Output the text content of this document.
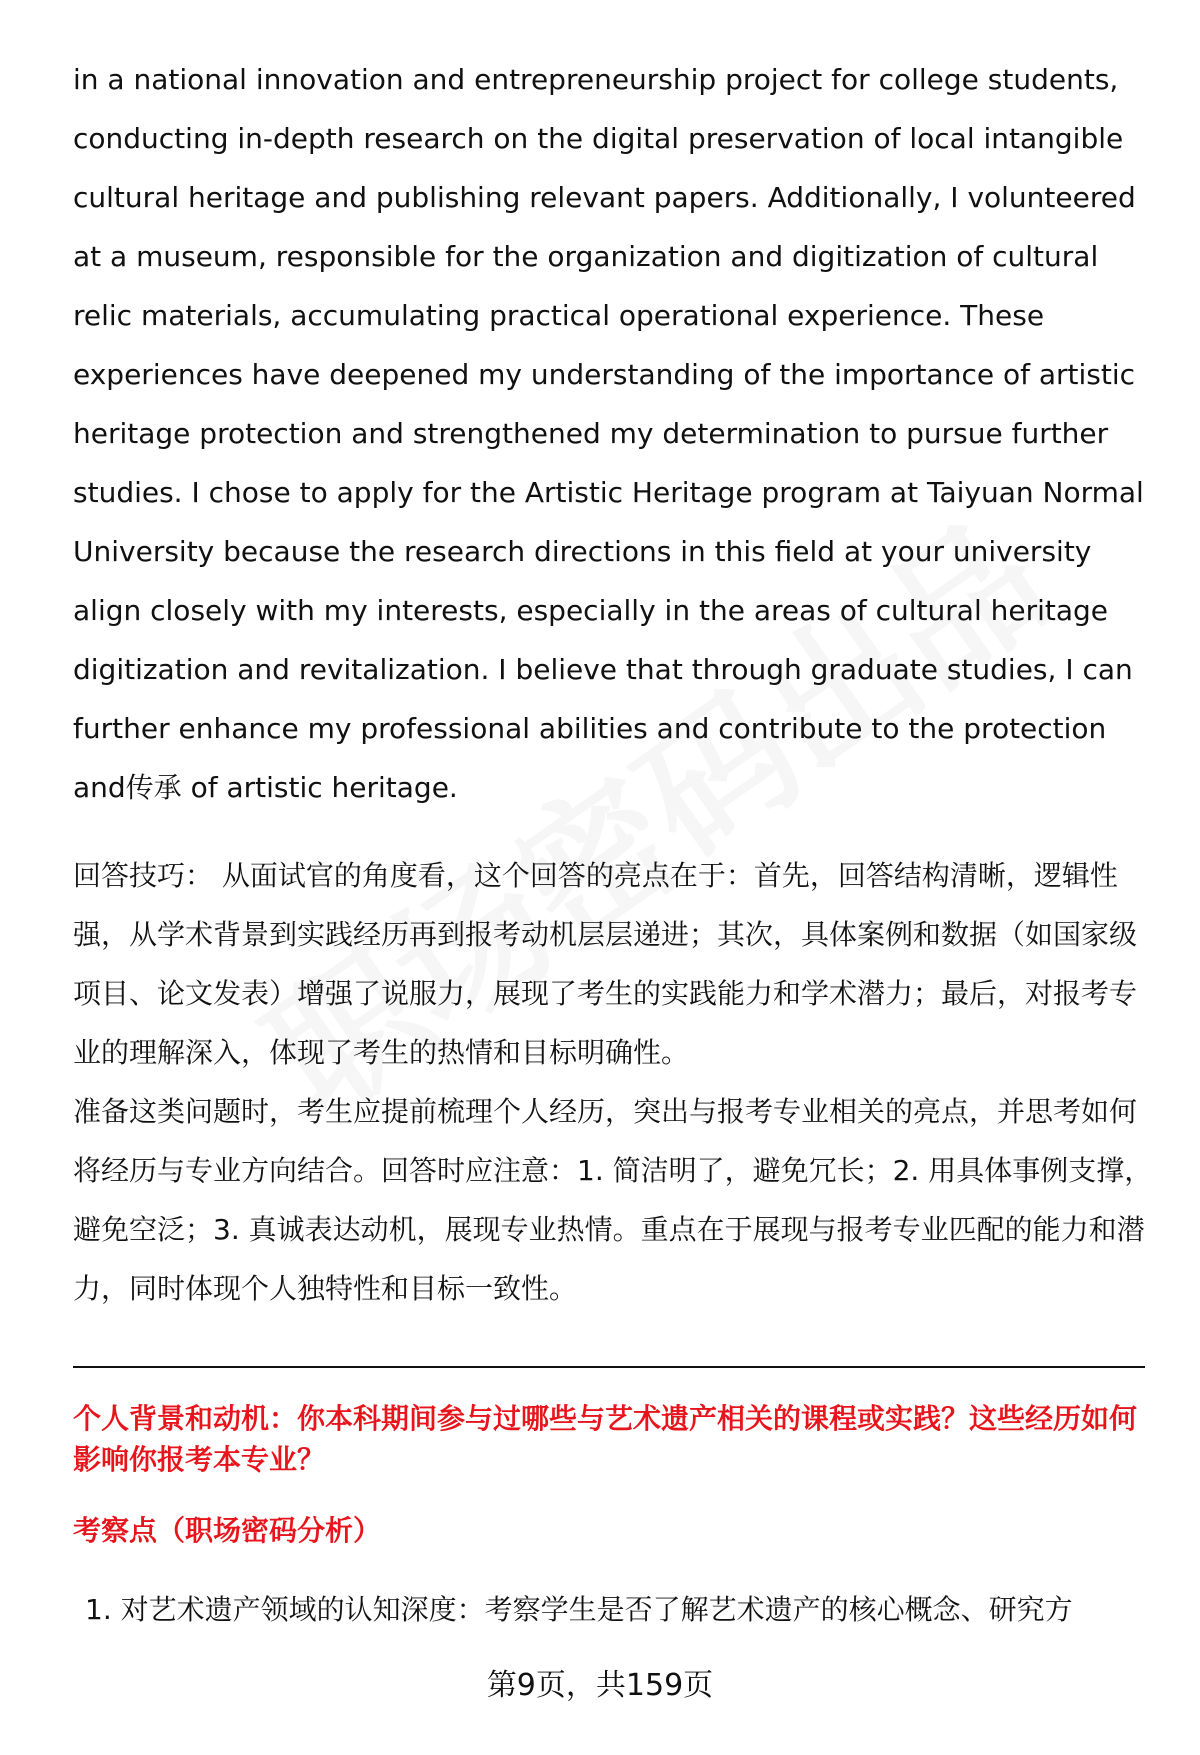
in a national innovation and entrepreneurship project for college students, conducting in-depth research on the digital preservation of local intangible cultural heritage and publishing relevant papers. Additionally, I volunteered at a museum, responsible for the organization and digitization of cultural relic materials, accumulating practical operational experience. These experiences have deepened my understanding of the importance of artistic heritage protection and strengthened my determination to pursue further studies. I chose to apply for the Artistic Heritage program at Taiyuan Normal University because the research directions in this field at your university align closely with my interests, especially in the areas of cultural heritage digitization and revitalization. I believe that through graduate studies, I can further enhance my professional abilities and contribute to the protection and传承 of artistic heritage.
回答技巧： 从面试官的角度看，这个回答的亮点在于：首先，回答结构清晰，逻辑性强，从学术背景到实践经历再到报考动机层层递进；其次，具体案例和数据（如国家级项目、论文发表）增强了说服力，展现了考生的实践能力和学术潜力；最后，对报考专业的理解深入，体现了考生的热情和目标明确性。
准备这类问题时，考生应提前梳理个人经历，突出与报考专业相关的亮点，并思考如何将经历与专业方向结合。回答时应注意：1. 简洁明了，避免冗长；2. 用具体事例支撑，避免空泛；3. 真诚表达动机，展现专业热情。重点在于展现与报考专业匹配的能力和潜力，同时体现个人独特性和目标一致性。
个人背景和动机：你本科期间参与过哪些与艺术遗产相关的课程或实践？这些经历如何影响你报考本专业？
考察点（职场密码分析）
1. 对艺术遗产领域的认知深度：考察学生是否了解艺术遗产的核心概念、研究方
第9页，共159页
